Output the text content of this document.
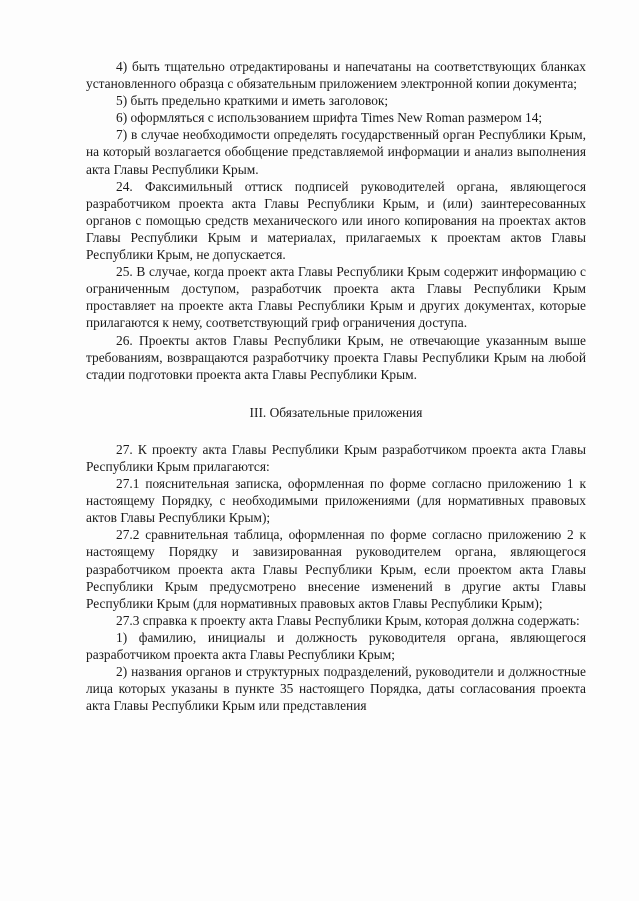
4) быть тщательно отредактированы и напечатаны на соответствующих бланках установленного образца с обязательным приложением электронной копии документа;

5) быть предельно краткими и иметь заголовок;

6) оформляться с использованием шрифта Times New Roman размером 14;

7) в случае необходимости определять государственный орган Республики Крым, на который возлагается обобщение представляемой информации и анализ выполнения акта Главы Республики Крым.

24. Факсимильный оттиск подписей руководителей органа, являющегося разработчиком проекта акта Главы Республики Крым, и (или) заинтересованных органов с помощью средств механического или иного копирования на проектах актов Главы Республики Крым и материалах, прилагаемых к проектам актов Главы Республики Крым, не допускается.

25. В случае, когда проект акта Главы Республики Крым содержит информацию с ограниченным доступом, разработчик проекта акта Главы Республики Крым проставляет на проекте акта Главы Республики Крым и других документах, которые прилагаются к нему, соответствующий гриф ограничения доступа.

26. Проекты актов Главы Республики Крым, не отвечающие указанным выше требованиям, возвращаются разработчику проекта Главы Республики Крым на любой стадии подготовки проекта акта Главы Республики Крым.

III. Обязательные приложения

27. К проекту акта Главы Республики Крым разработчиком проекта акта Главы Республики Крым прилагаются:

27.1 пояснительная записка, оформленная по форме согласно приложению 1 к настоящему Порядку, с необходимыми приложениями (для нормативных правовых актов Главы Республики Крым);

27.2 сравнительная таблица, оформленная по форме согласно приложению 2 к настоящему Порядку и завизированная руководителем органа, являющегося разработчиком проекта акта Главы Республики Крым, если проектом акта Главы Республики Крым предусмотрено внесение изменений в другие акты Главы Республики Крым (для нормативных правовых актов Главы Республики Крым);

27.3 справка к проекту акта Главы Республики Крым, которая должна содержать:

1) фамилию, инициалы и должность руководителя органа, являющегося разработчиком проекта акта Главы Республики Крым;

2) названия органов и структурных подразделений, руководители и должностные лица которых указаны в пункте 35 настоящего Порядка, даты согласования проекта акта Главы Республики Крым или представления
